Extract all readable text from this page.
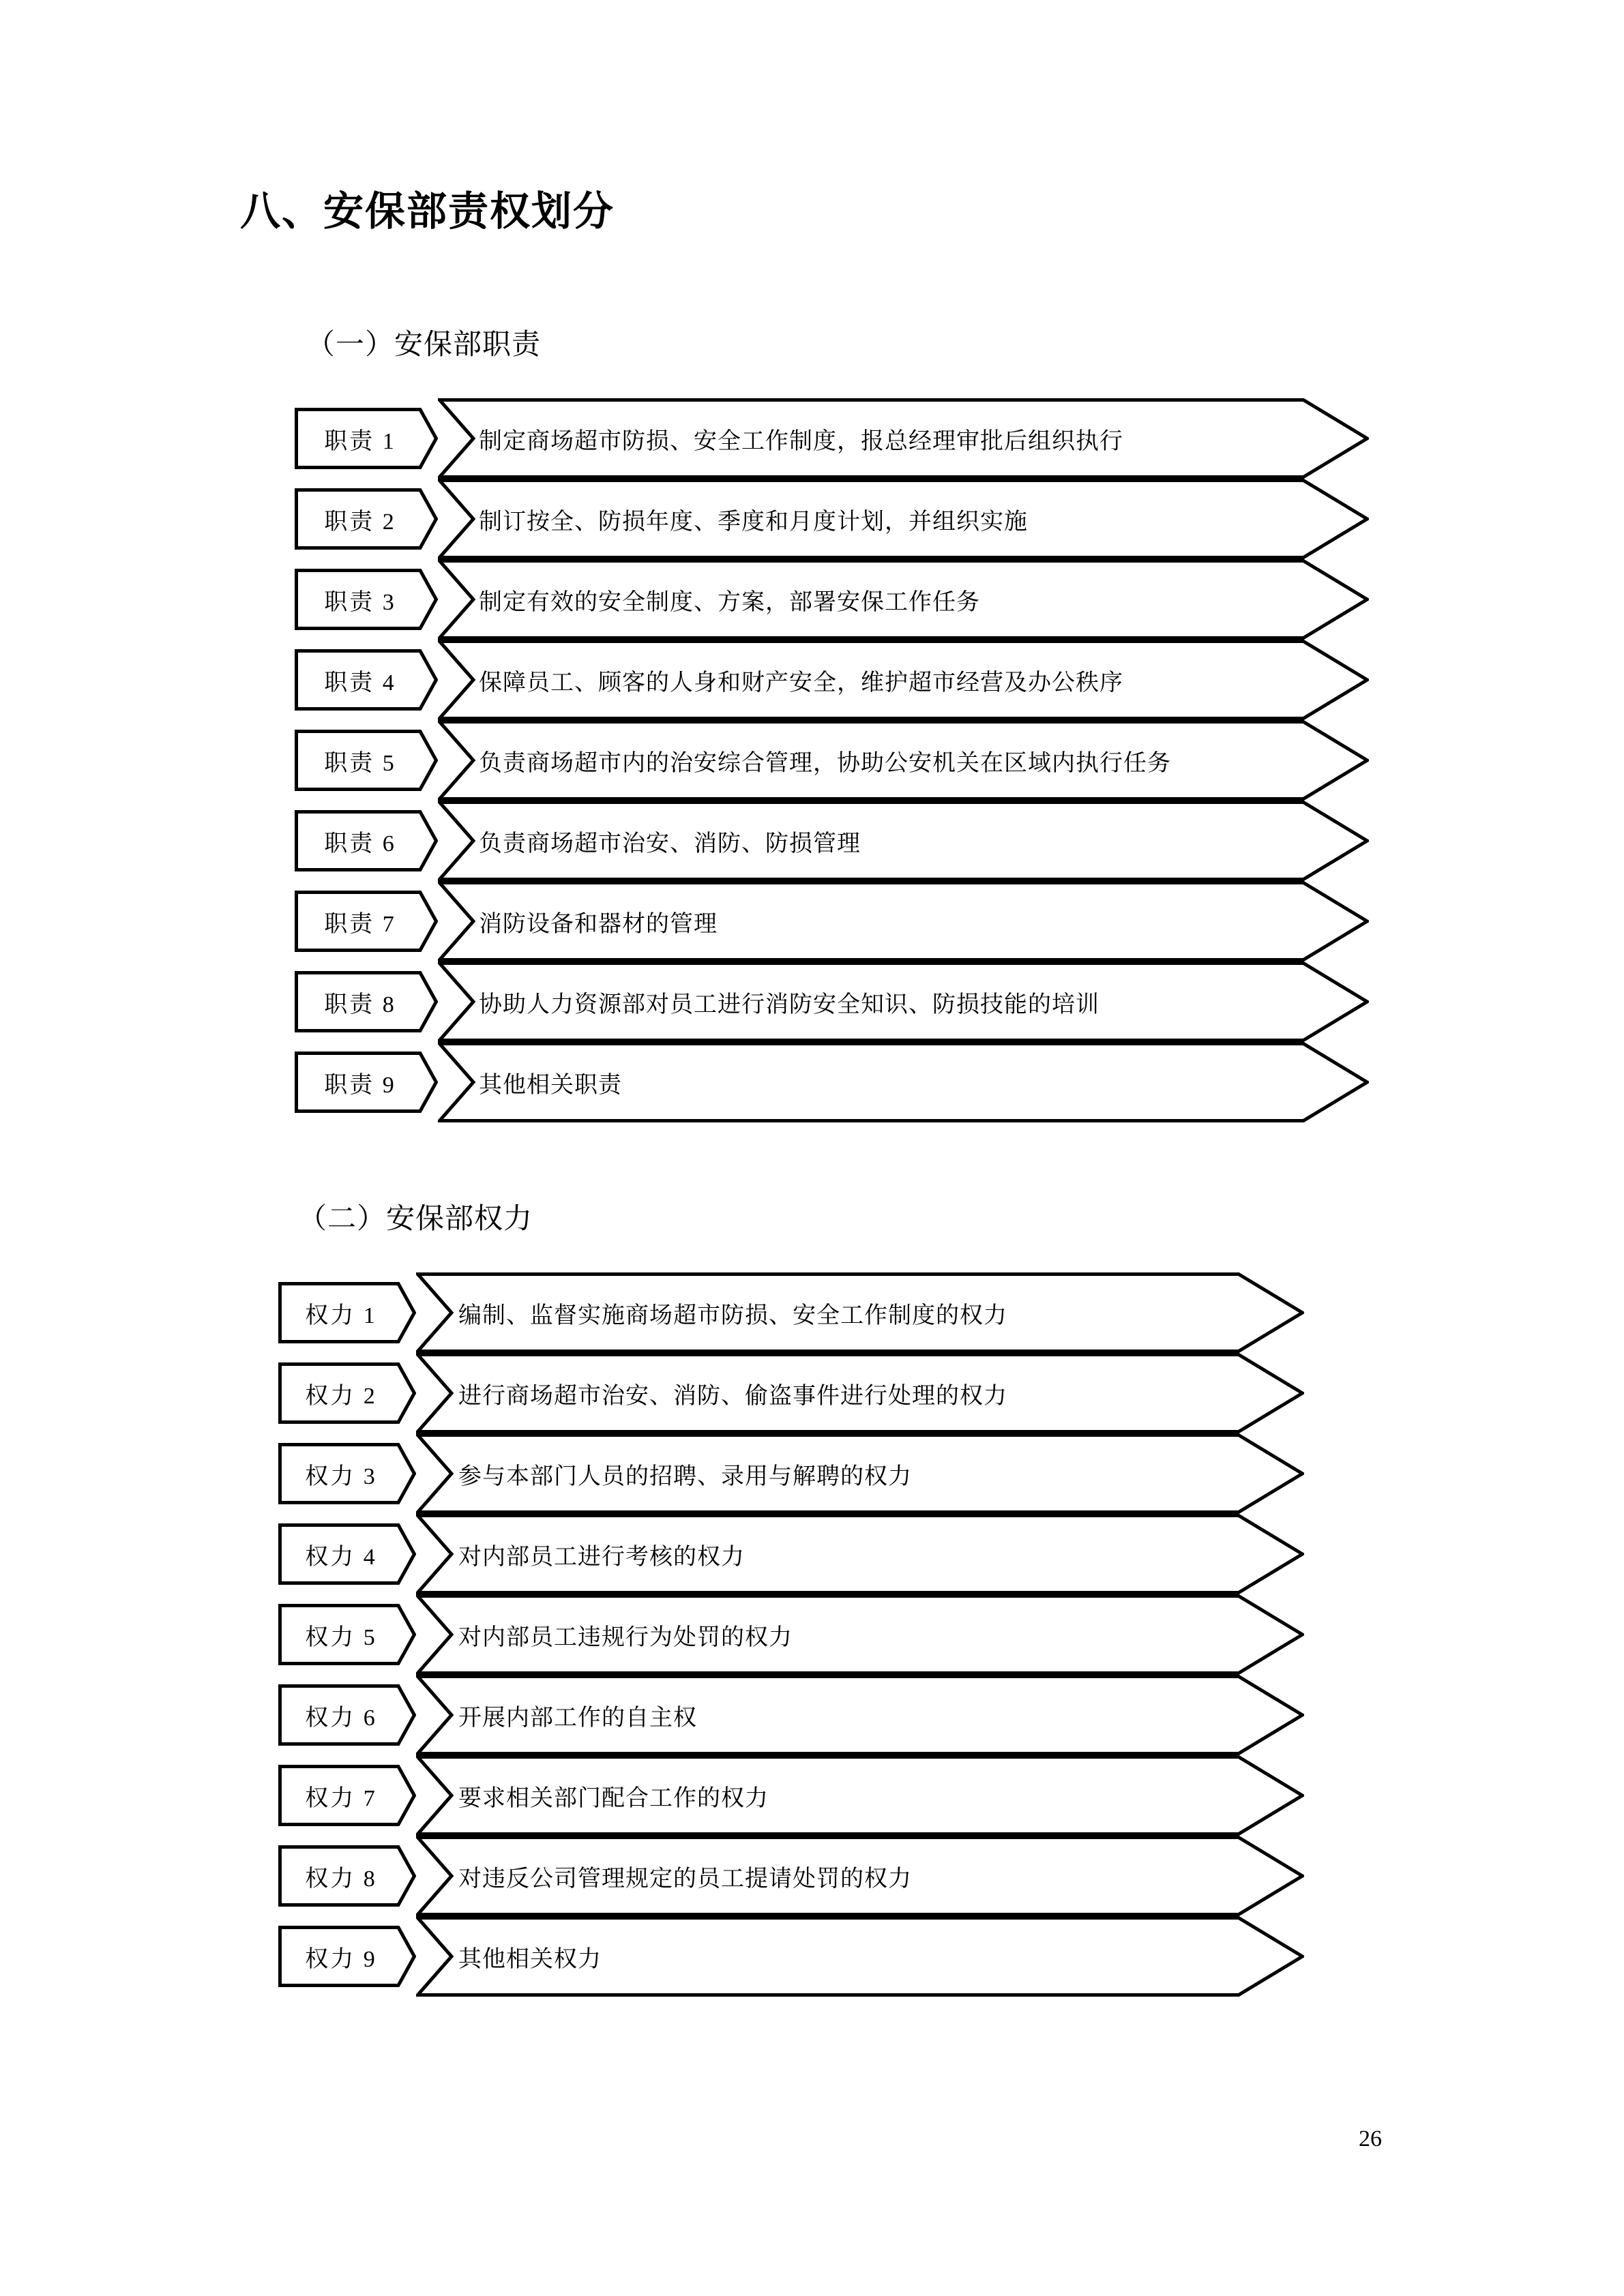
八、安保部责权划分
（一）安保部职责
（二）安保部权力
职责 1	制定商场超市防损、安全工作制度，报总经理审批后组织执行
职责 2	制订按全、防损年度、季度和月度计划，并组织实施
职责 3	制定有效的安全制度、方案，部署安保工作任务
职责 4	保障员工、顾客的人身和财产安全，维护超市经营及办公秩序
职责 5	负责商场超市内的治安综合管理，协助公安机关在区域内执行任务
职责 6	负责商场超市治安、消防、防损管理
职责 7	消防设备和器材的管理
职责 8	协助人力资源部对员工进行消防安全知识、防损技能的培训
职责 9	其他相关职责
权力 1	编制、监督实施商场超市防损、安全工作制度的权力
权力 2	进行商场超市治安、消防、偷盗事件进行处理的权力
权力 3	参与本部门人员的招聘、录用与解聘的权力
权力 4	对内部员工进行考核的权力
权力 5	对内部员工违规行为处罚的权力
权力 6	开展内部工作的自主权
权力 7	要求相关部门配合工作的权力
权力 8	对违反公司管理规定的员工提请处罚的权力
权力 9	其他相关权力
26
